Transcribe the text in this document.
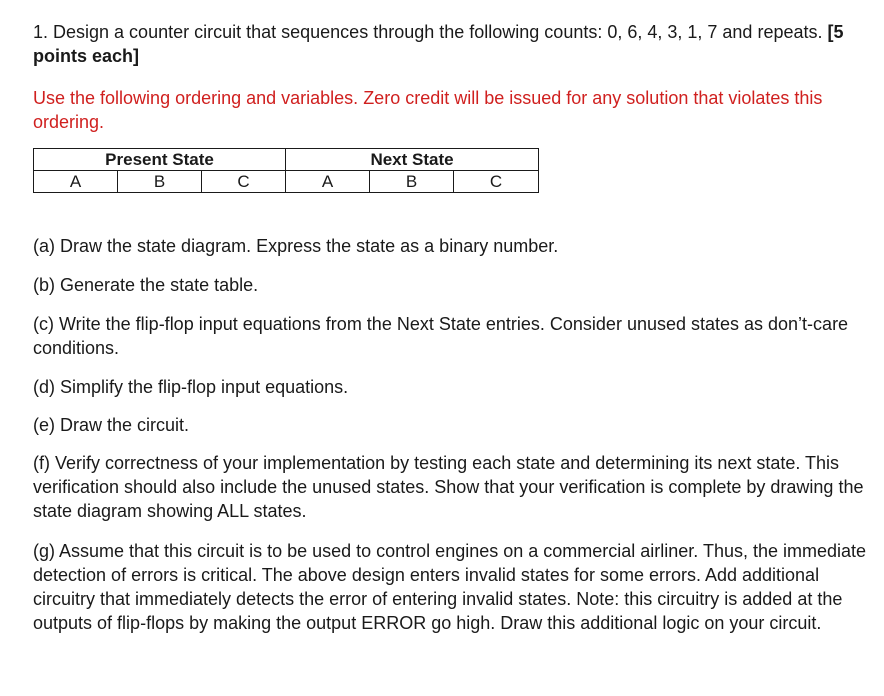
1. Design a counter circuit that sequences through the following counts: 0, 6, 4, 3, 1, 7 and repeats. [5 points each]

Use the following ordering and variables. Zero credit will be issued for any solution that violates this ordering.

Present State			Next State		
A	B	C	A	B	C

(a) Draw the state diagram. Express the state as a binary number.

(b) Generate the state table.

(c) Write the flip-flop input equations from the Next State entries. Consider unused states as don’t-care conditions.

(d) Simplify the flip-flop input equations.

(e) Draw the circuit.

(f) Verify correctness of your implementation by testing each state and determining its next state. This verification should also include the unused states. Show that your verification is complete by drawing the state diagram showing ALL states.

(g) Assume that this circuit is to be used to control engines on a commercial airliner. Thus, the immediate detection of errors is critical. The above design enters invalid states for some errors. Add additional circuitry that immediately detects the error of entering invalid states. Note: this circuitry is added at the outputs of flip-flops by making the output ERROR go high. Draw this additional logic on your circuit.
